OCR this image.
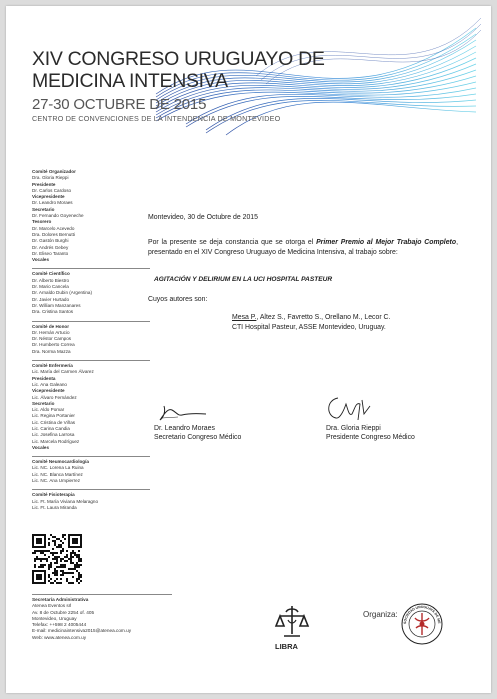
XIV CONGRESO URUGUAYO DE
MEDICINA INTENSIVA
27-30 OCTUBRE DE 2015
CENTRO DE CONVENCIONES DE LA INTENDENCIA DE MONTEVIDEO
Comité Organizador
Dra. Gloria Rieppi
Presidente
Dr. Carlos Cardoso
Vicepresidente
Dr. Leandro Moraes
Secretario
Dr. Fernando Goyeneche
Tesorero
Dr. Marcelo Acevedo
Dra. Dolores Bernutti
Dr. Gastón Burghi
Dr. Andrés Gebey
Dr. Eliseo Taranto
Vocales
Comité Científico
Dr. Alberto Biestro
Dr. Mario Cancela
Dr. Arnaldo Dubin (Argentina)
Dr. Javier Hurtado
Dr. William Manzanares
Dra. Cristina Santos
Comité de Honor
Dr. Hernán Artucio
Dr. Néstor Campos
Dr. Humberto Correa
Dra. Norma Mazza
Comité Enfermería
Lic. María del Carmen Álvarez
Presidenta
Lic. Ana Galeano
Vicepresidente
Lic. Álvaro Fernández
Secretario
Lic. Aldo Pomar
Lic. Regina Portanier
Lic. Cristina de Viñas
Lic. Carina Candia
Lic. Josefina Larrosa
Lic. Marcela Rodríguez
Vocales
Comité Neumocardiología
Lic. NC. Lorena La Ruina
Lic. NC. Blanca Martínez
Lic. NC. Ana Umpierrez
Comité Fisioterapia
Lic. Ft. María Viviana Melaragno
Lic. Ft. Laura Miranda
Secretaría Administrativa
Atenea Eventos srl
Av. 8 de Octubre 2254 of. 405
Montevideo, Uruguay
Telefax: ++598 2 4005444
E-mail: medicinaintensiva2015@atenea.com.uy
Web: www.atenea.com.uy
Montevideo, 30 de Octubre de 2015
Por la presente se deja constancia que se otorga el Primer Premio al Mejor Trabajo Completo, presentado en el XIV Congreso Uruguayo de Medicina Intensiva, al trabajo sobre:
AGITACIÓN Y DELIRIUM EN LA UCI HOSPITAL PASTEUR
Cuyos autores son:
Mesa P., Altez S., Favretto S., Orellano M., Lecor C.
CTI Hospital Pasteur, ASSE Montevideo, Uruguay.
Dr. Leandro Moraes
Secretario Congreso Médico
Dra. Gloria Rieppi
Presidente Congreso Médico
LIBRA
Organiza:
SOCIEDAD URUGUAYA DE ME
